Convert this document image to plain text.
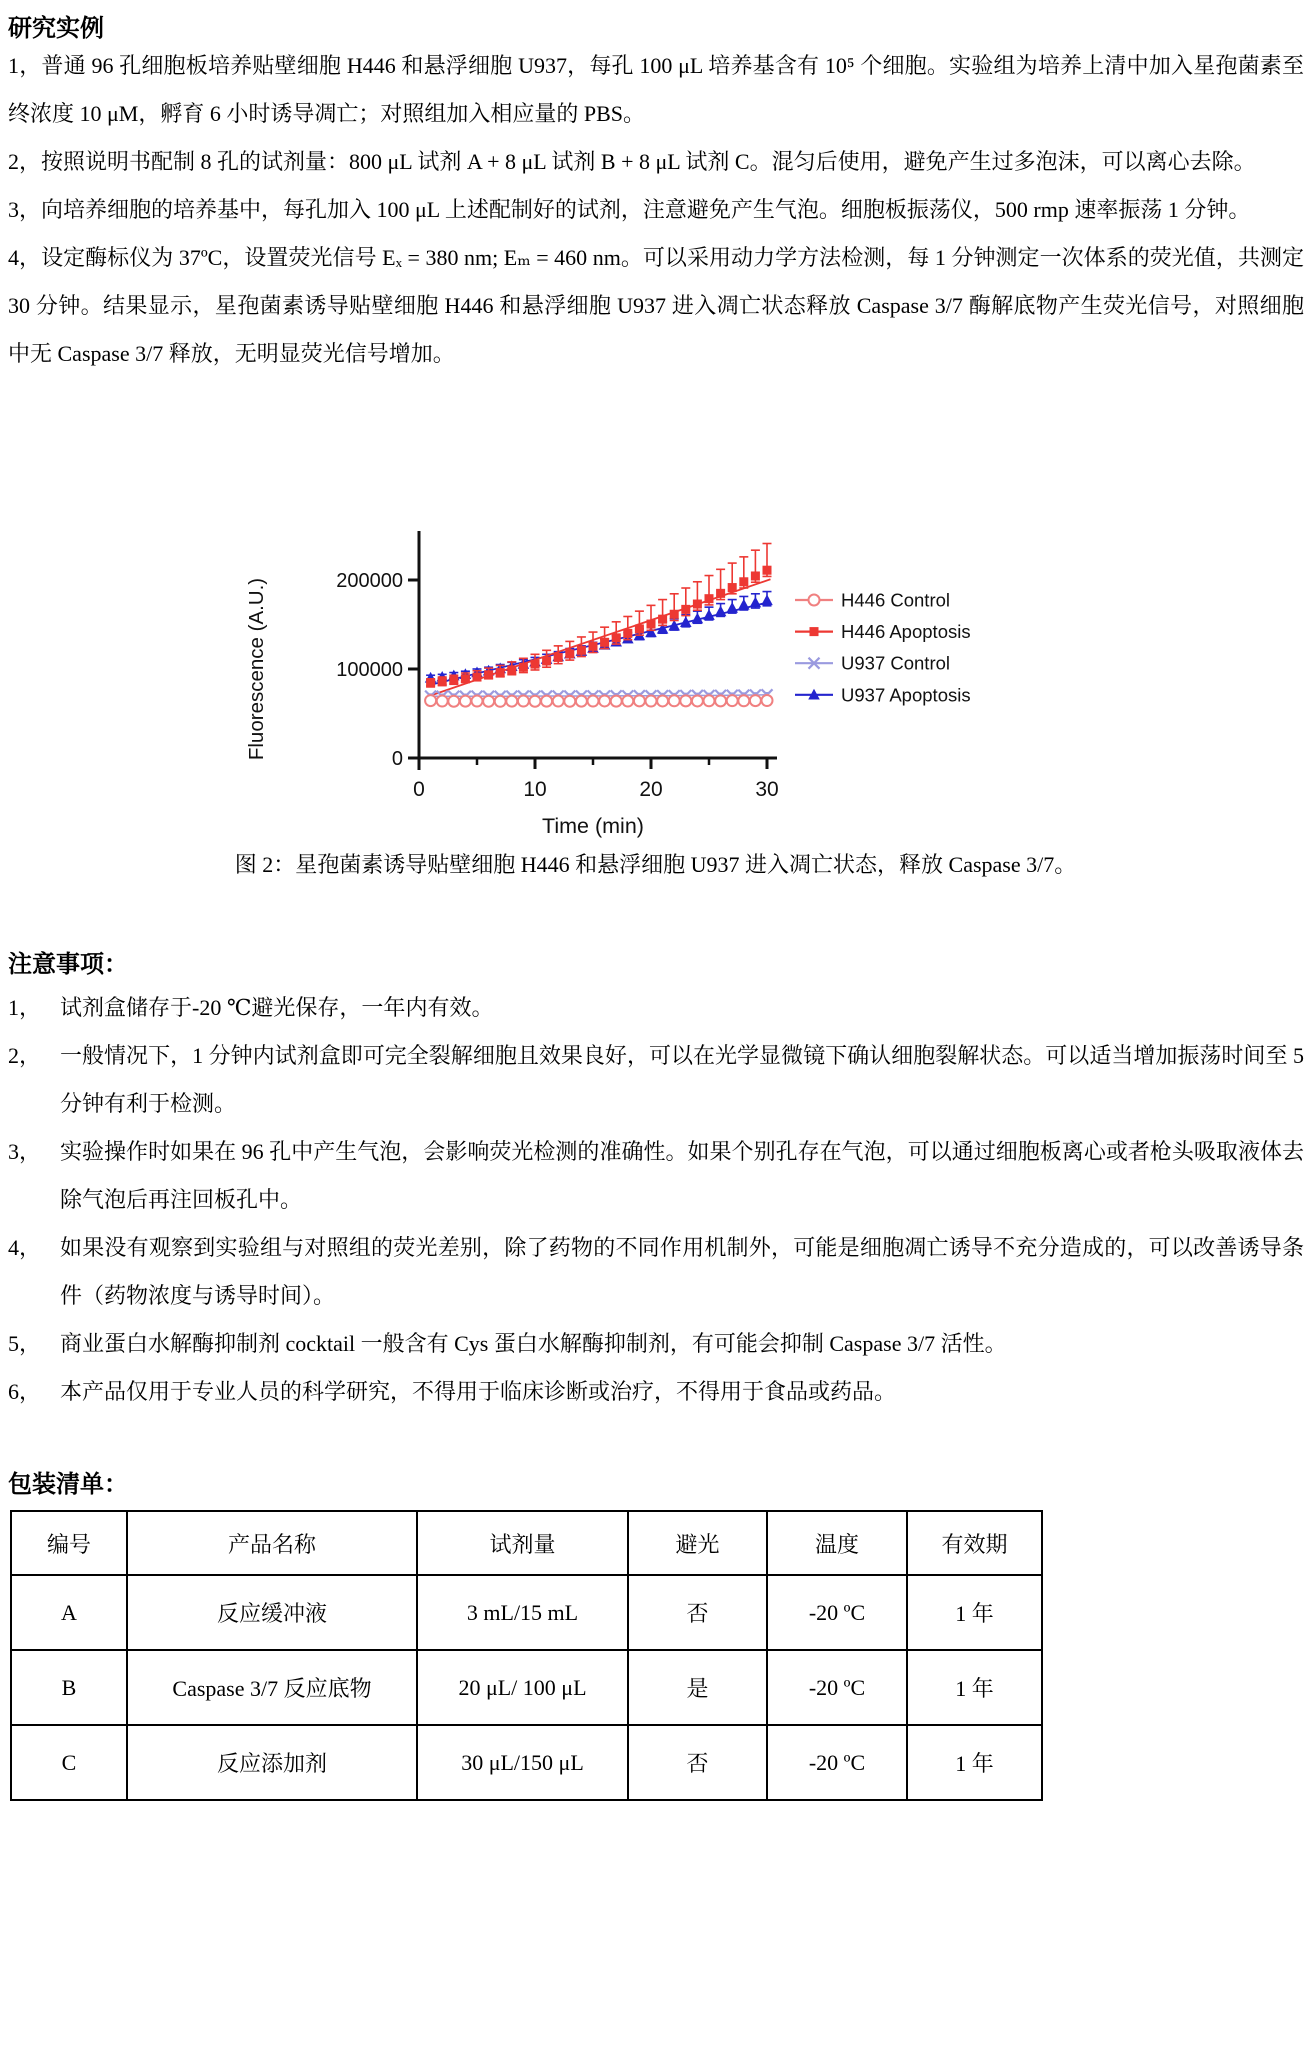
研究实例
1，普通 96 孔细胞板培养贴壁细胞 H446 和悬浮细胞 U937，每孔 100 μL 培养基含有 10⁵ 个细胞。实验组为培养上清中加入星孢菌素至终浓度 10 μM，孵育 6 小时诱导凋亡；对照组加入相应量的 PBS。
2，按照说明书配制 8 孔的试剂量：800 μL 试剂 A + 8 μL 试剂 B + 8 μL 试剂 C。混匀后使用，避免产生过多泡沫，可以离心去除。
3，向培养细胞的培养基中，每孔加入 100 μL 上述配制好的试剂，注意避免产生气泡。细胞板振荡仪，500 rmp 速率振荡 1 分钟。
4，设定酶标仪为 37ºC，设置荧光信号 Eₓ = 380 nm; Eₘ = 460 nm。可以采用动力学方法检测，每 1 分钟测定一次体系的荧光值，共测定 30 分钟。结果显示，星孢菌素诱导贴壁细胞 H446 和悬浮细胞 U937 进入凋亡状态释放 Caspase 3/7 酶解底物产生荧光信号，对照细胞中无 Caspase 3/7 释放，无明显荧光信号增加。
0
100000
200000
0	10	20	30
Fluorescence (A.U.)
Time (min)
H446 Control
H446 Apoptosis
U937 Control
U937 Apoptosis
图 2：星孢菌素诱导贴壁细胞 H446 和悬浮细胞 U937 进入凋亡状态，释放 Caspase 3/7。
注意事项：
1， 试剂盒储存于-20 ℃避光保存，一年内有效。
2， 一般情况下，1 分钟内试剂盒即可完全裂解细胞且效果良好，可以在光学显微镜下确认细胞裂解状态。可以适当增加振荡时间至 5 分钟有利于检测。
3， 实验操作时如果在 96 孔中产生气泡，会影响荧光检测的准确性。如果个别孔存在气泡，可以通过细胞板离心或者枪头吸取液体去除气泡后再注回板孔中。
4， 如果没有观察到实验组与对照组的荧光差别，除了药物的不同作用机制外，可能是细胞凋亡诱导不充分造成的，可以改善诱导条件（药物浓度与诱导时间）。
5， 商业蛋白水解酶抑制剂 cocktail 一般含有 Cys 蛋白水解酶抑制剂，有可能会抑制 Caspase 3/7 活性。
6， 本产品仅用于专业人员的科学研究，不得用于临床诊断或治疗，不得用于食品或药品。
包装清单：
编号	产品名称	试剂量	避光	温度	有效期
A	反应缓冲液	3 mL/15 mL	否	-20 ºC	1 年
B	Caspase 3/7 反应底物	20 μL/ 100 μL	是	-20 ºC	1 年
C	反应添加剂	30 μL/150 μL	否	-20 ºC	1 年
